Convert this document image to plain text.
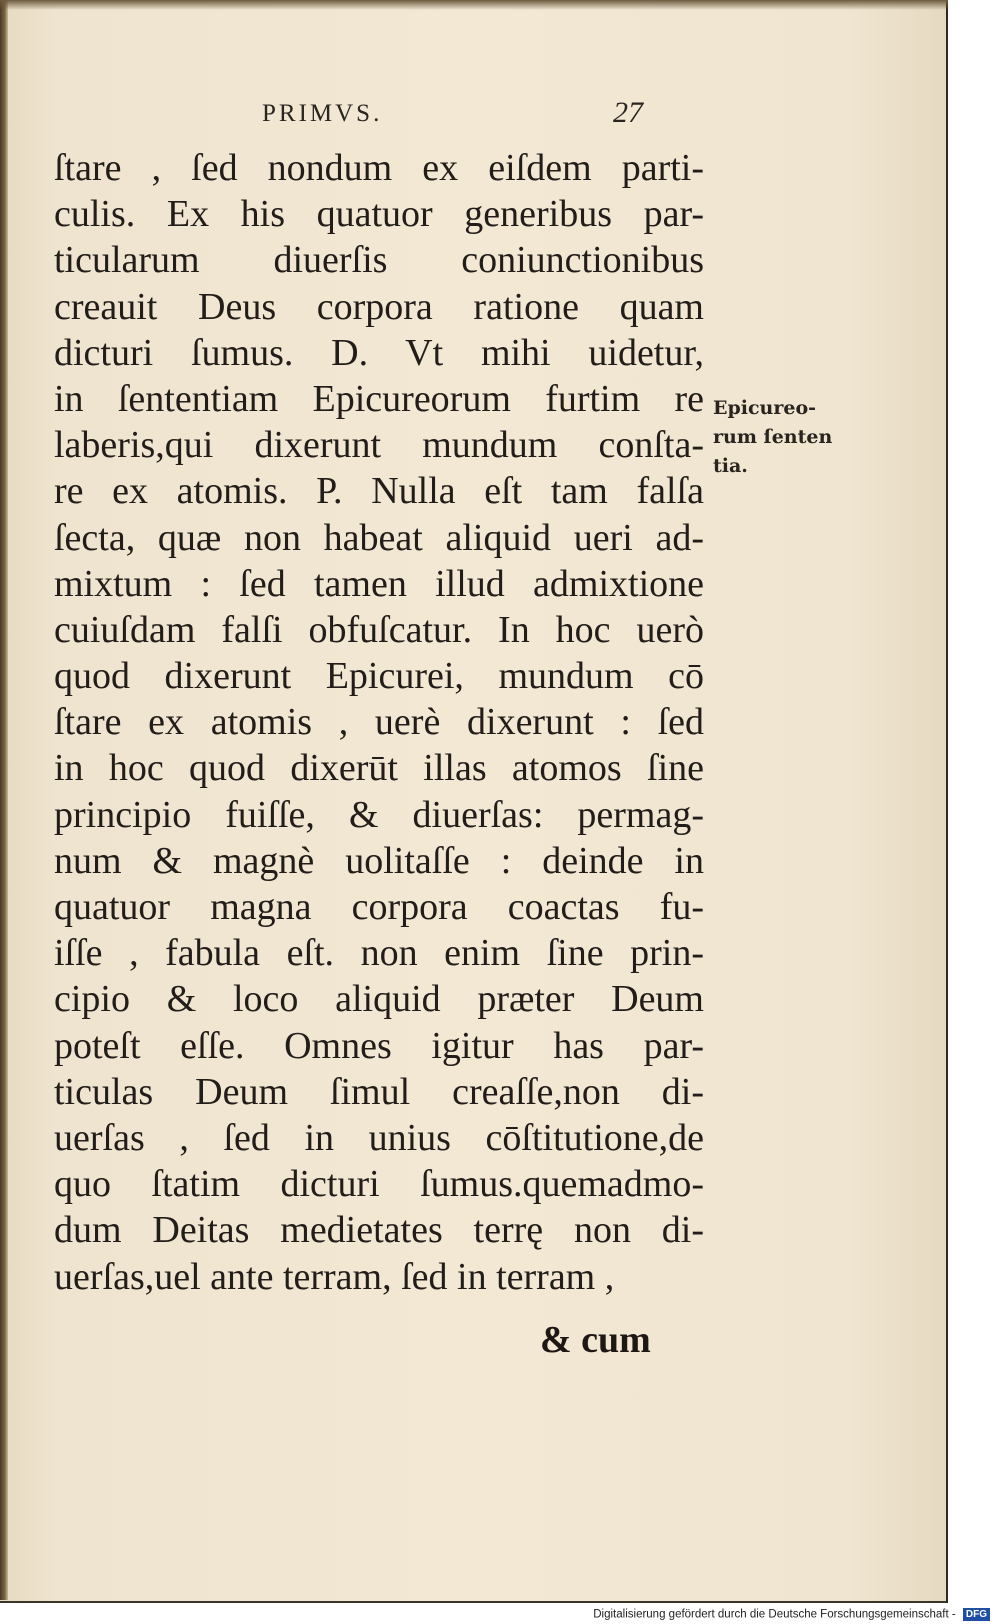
PRIMVS.	27
ſtare , ſed nondum ex eiſdem parti-
culis. Ex his quatuor generibus par-
ticularum diuerſis coniunctionibus
creauit Deus corpora ratione quam
dicturi ſumus. D. Vt mihi uidetur,
in ſententiam Epicureorum furtim re
laberis,qui dixerunt mundum conſta-
re ex atomis. P. Nulla eſt tam falſa
ſecta, quæ non habeat aliquid ueri ad-
mixtum : ſed tamen illud admixtione
cuiuſdam falſi obfuſcatur. In hoc uerò
quod dixerunt Epicurei, mundum cō
ſtare ex atomis , uerè dixerunt : ſed
in hoc quod dixerūt illas atomos ſine
principio fuiſſe, & diuerſas: permag-
num & magnè uolitaſſe : deinde in
quatuor magna corpora coactas fu-
iſſe , fabula eſt. non enim ſine prin-
cipio & loco aliquid præter Deum
poteſt eſſe. Omnes igitur has par-
ticulas Deum ſimul creaſſe,non di-
uerſas , ſed in unius cōſtitutione,de
quo ſtatim dicturi ſumus.quemadmo-
dum Deitas medietates terrę non di-
uerſas,uel ante terram, ſed in terram ,
& cum
Epicureo-
rum ſenten
tia.
Digitalisierung gefördert durch die Deutsche Forschungsgemeinschaft - DFG
